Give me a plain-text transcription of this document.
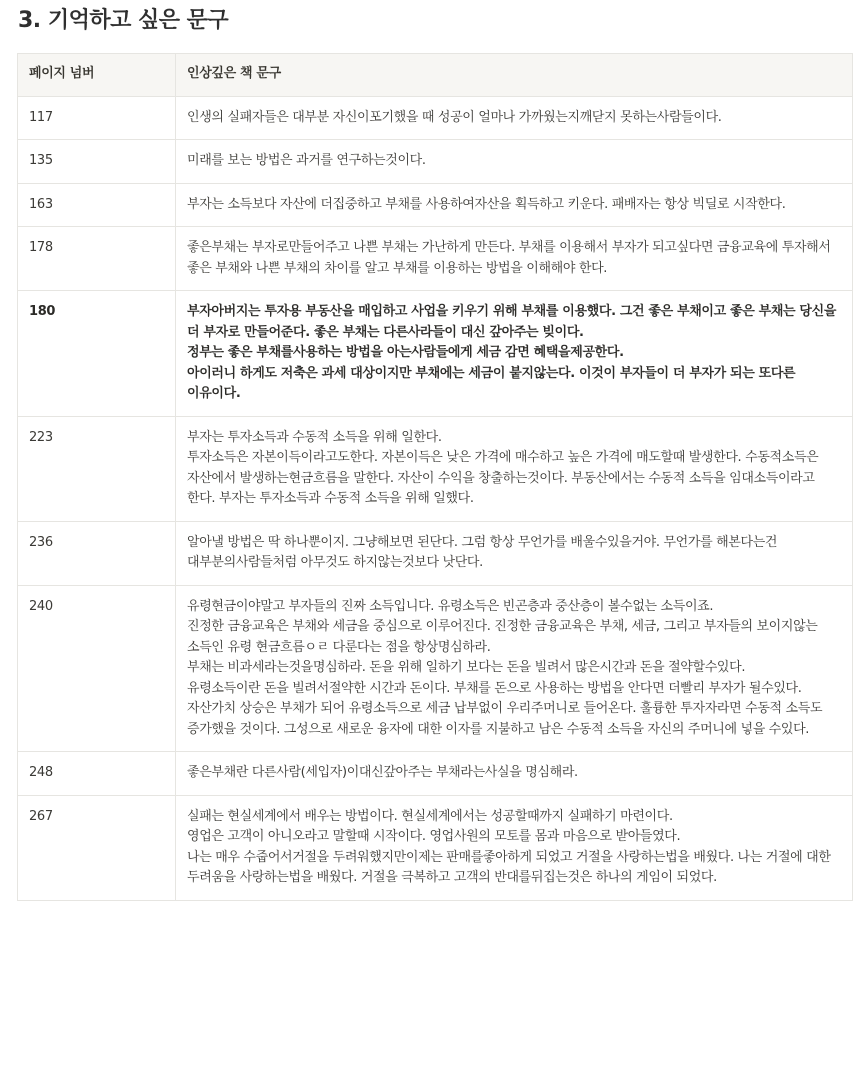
3. 기억하고 싶은 문구
페이지 넘버	인상깊은 책 문구
117	인생의 실패자들은 대부분 자신이포기했을 때 성공이 얼마나 가까웠는지깨닫지 못하는사람들이다.
135	미래를 보는 방법은 과거를 연구하는것이다.
163	부자는 소득보다 자산에 더집중하고 부채를 사용하여자산을 획득하고 키운다. 패배자는 항상 빅딜로 시작한다.
178	좋은부채는 부자로만들어주고 나쁜 부채는 가난하게 만든다. 부채를 이용해서 부자가 되고싶다면 금융교육에 투자해서 좋은 부채와 나쁜 부채의 차이를 알고 부채를 이용하는 방법을 이해해야 한다.
180	부자아버지는 투자용 부동산을 매입하고 사업을 키우기 위해 부채를 이용했다. 그건 좋은 부채이고 좋은 부채는 당신을 더 부자로 만들어준다. 좋은 부채는 다른사라들이 대신 갚아주는 빚이다.
정부는 좋은 부채를사용하는 방법을 아는사람들에게 세금 감면 혜택을제공한다.
아이러니 하게도 저축은 과세 대상이지만 부채에는 세금이 붙지않는다. 이것이 부자들이 더 부자가 되는 또다른 이유이다.
223	부자는 투자소득과 수동적 소득을 위해 일한다.
투자소득은 자본이득이라고도한다. 자본이득은 낮은 가격에 매수하고 높은 가격에 매도할때 발생한다. 수동적소득은 자산에서 발생하는현금흐름을 말한다. 자산이 수익을 창출하는것이다. 부동산에서는 수동적 소득을 임대소득이라고 한다. 부자는 투자소득과 수동적 소득을 위해 일했다.
236	알아낼 방법은 딱 하나뿐이지. 그냥해보면 된단다. 그럼 항상 무언가를 배울수있을거야. 무언가를 해본다는건 대부분의사람들처럼 아무것도 하지않는것보다 낫단다.
240	유령현금이야말고 부자들의 진짜 소득입니다. 유령소득은 빈곤층과 중산층이 볼수없는 소득이죠.
진정한 금융교육은 부채와 세금을 중심으로 이루어진다. 진정한 금융교육은 부채, 세금, 그리고 부자들의 보이지않는 소득인 유령 현금흐름ㅇㄹ 다룬다는 점을 항상명심하라.
부채는 비과세라는것을명심하라. 돈을 위해 일하기 보다는 돈을 빌려서 많은시간과 돈을 절약할수있다.
유령소득이란 돈을 빌려서절약한 시간과 돈이다. 부채를 돈으로 사용하는 방법을 안다면 더빨리 부자가 될수있다. 자산가치 상승은 부채가 되어 유령소득으로 세금 납부없이 우리주머니로 들어온다. 훌륭한 투자자라면 수동적 소득도 증가했을 것이다. 그성으로 새로운 융자에 대한 이자를 지불하고 남은 수동적 소득을 자신의 주머니에 넣을 수있다.
248	좋은부채란 다른사람(세입자)이대신갚아주는 부채라는사실을 명심해라.
267	실패는 현실세계에서 배우는 방법이다. 현실세계에서는 성공할때까지 실패하기 마련이다.
영업은 고객이 아니오라고 말할때 시작이다. 영업사원의 모토를 몸과 마음으로 받아들였다.
나는 매우 수줍어서거절을 두려워했지만이제는 판매를좋아하게 되었고 거절을 사랑하는법을 배웠다. 나는 거절에 대한 두려움을 사랑하는법을 배웠다. 거절을 극복하고 고객의 반대를뒤집는것은 하나의 게임이 되었다.
